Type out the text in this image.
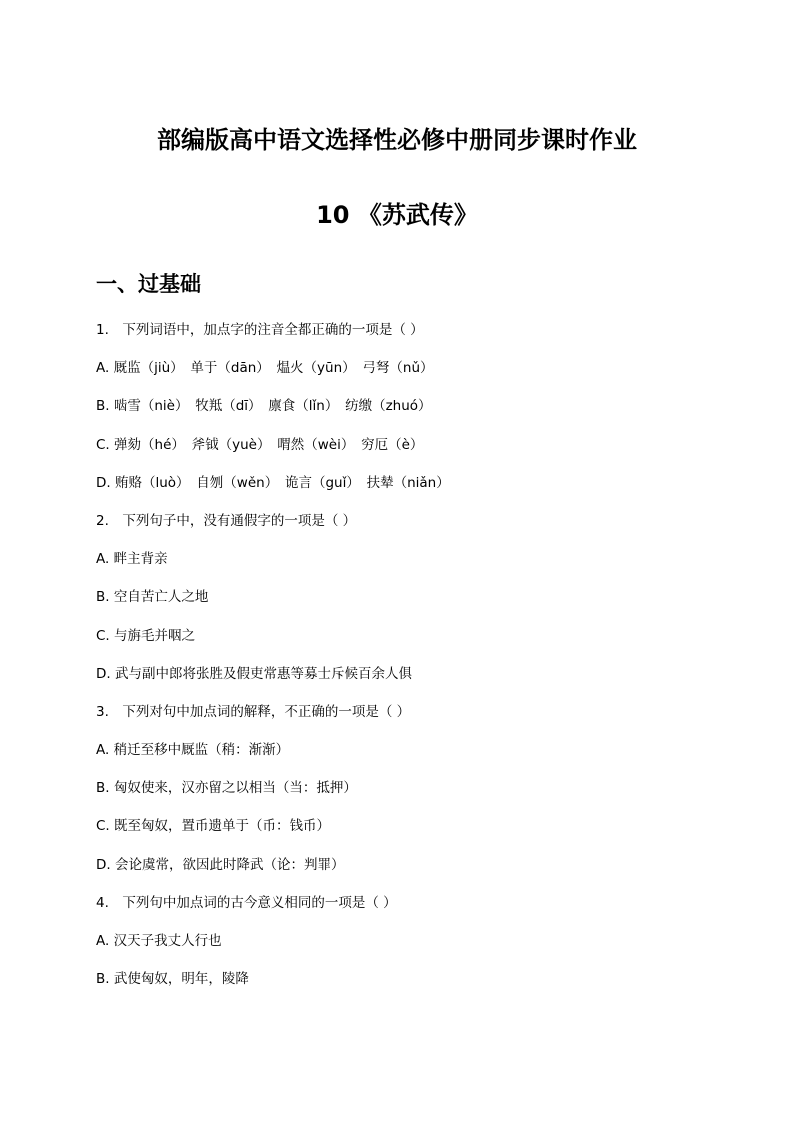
部编版高中语文选择性必修中册同步课时作业
10 《苏武传》
一、过基础
1.　下列词语中，加点字的注音全都正确的一项是（ ）
A. 厩监（jiù）　单于（dān）　煴火（yūn）　弓弩（nǔ）
B. 啮雪（niè）　牧羝（dī）　廪食（lǐn）　纺缴（zhuó）
C. 弹劾（hé）　斧钺（yuè）　喟然（wèi）　穷厄（è）
D. 贿赂（luò）　自刎（wěn）　诡言（guǐ）　扶辇（niǎn）
2.　下列句子中，没有通假字的一项是（ ）
A. 畔主背亲
B. 空自苦亡人之地
C. 与旃毛并咽之
D. 武与副中郎将张胜及假吏常惠等募士斥候百余人俱
3.　下列对句中加点词的解释，不正确的一项是（ ）
A. 稍迁至移中厩监（稍：渐渐）
B. 匈奴使来，汉亦留之以相当（当：抵押）
C. 既至匈奴，置币遗单于（币：钱币）
D. 会论虞常，欲因此时降武（论：判罪）
4.　下列句中加点词的古今意义相同的一项是（ ）
A. 汉天子我丈人行也
B. 武使匈奴，明年，陵降
